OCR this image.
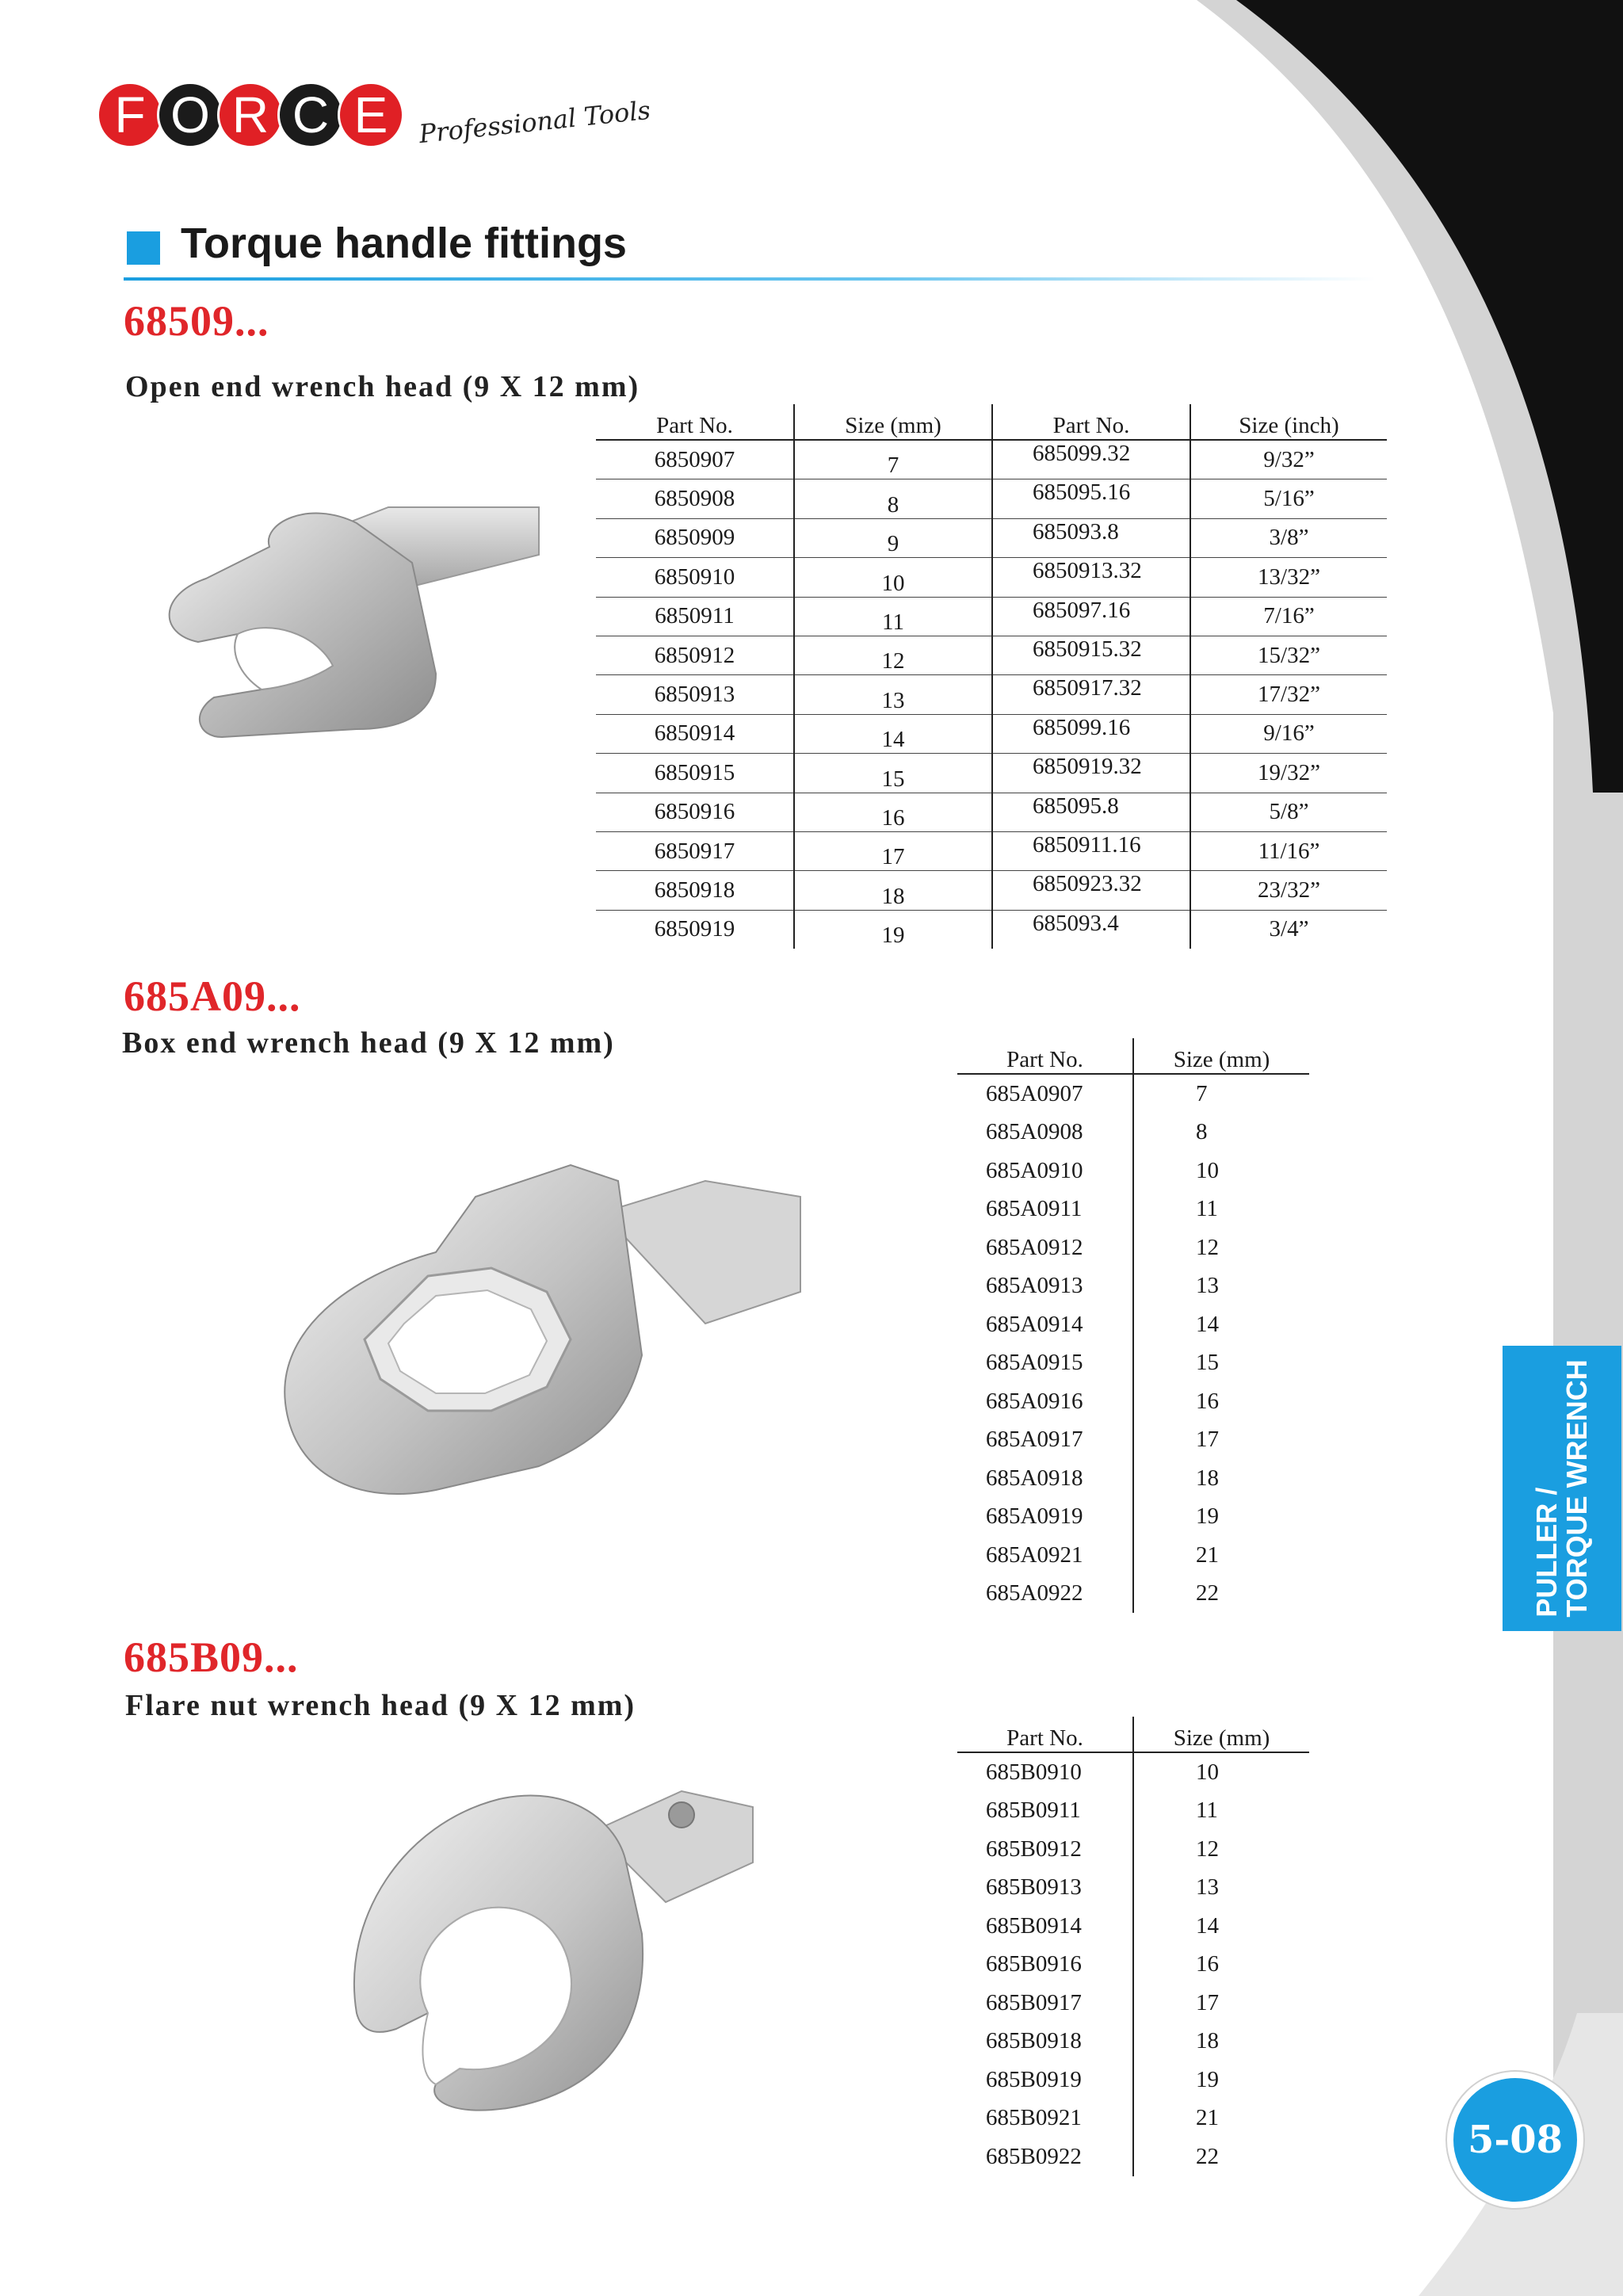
F O R C E	Professional Tools
Torque handle fittings
68509...
Open end wrench head (9 X 12 mm)
Part No.	Size (mm)	Part No.	Size (inch)
6850907	7	685099.32	9/32”
6850908	8	685095.16	5/16”
6850909	9	685093.8	3/8”
6850910	10	6850913.32	13/32”
6850911	11	685097.16	7/16”
6850912	12	6850915.32	15/32”
6850913	13	6850917.32	17/32”
6850914	14	685099.16	9/16”
6850915	15	6850919.32	19/32”
6850916	16	685095.8	5/8”
6850917	17	6850911.16	11/16”
6850918	18	6850923.32	23/32”
6850919	19	685093.4	3/4”
685A09...
Box end wrench head (9 X 12 mm)	Part No.	Size (mm)
685A0907	7
685A0908	8
685A0910	10
685A0911	11
685A0912	12
685A0913	13
685A0914	14
685A0915	15
685A0916	16
685A0917	17
685A0918	18
685A0919	19
685A0921	21
685A0922	22
685B09...
Flare nut wrench head (9 X 12 mm)
Part No.	Size (mm)
685B0910	10
685B0911	11
685B0912	12
685B0913	13
685B0914	14
685B0916	16
685B0917	17
685B0918	18
685B0919	19
685B0921	21
685B0922	22
PULLER /
TORQUE WRENCH
5-08
